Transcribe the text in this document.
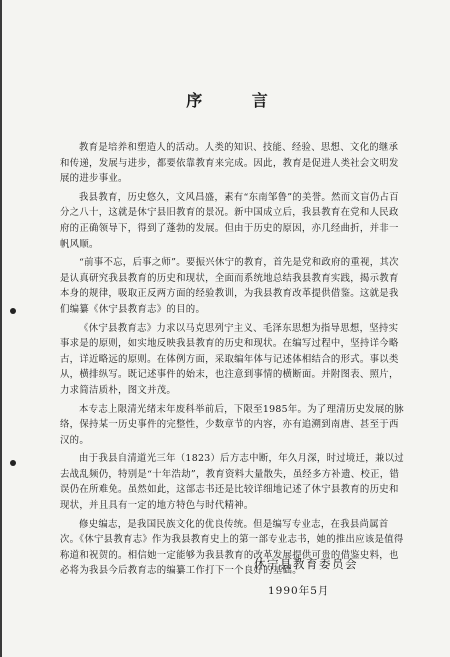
序 言

教育是培养和塑造人的活动。人类的知识、技能、经验、思想、文化的继承和传递，发展与进步，都要依靠教育来完成。因此，教育是促进人类社会文明发展的进步事业。

我县教育，历史悠久，文风昌盛，素有“东南邹鲁”的美誉。然而文盲仍占百分之八十，这就是休宁县旧教育的景况。新中国成立后，我县教育在党和人民政府的正确领导下，得到了蓬勃的发展。但由于历史的原因，亦几经曲折，并非一帆风顺。

“前事不忘，后事之师”。要振兴休宁的教育，首先是党和政府的重视，其次是认真研究我县教育的历史和现状，全面而系统地总结我县教育实践，揭示教育本身的规律，吸取正反两方面的经验教训，为我县教育改革提供借鉴。这就是我们编纂《休宁县教育志》的目的。

《休宁县教育志》力求以马克思列宁主义、毛泽东思想为指导思想，坚持实事求是的原则，如实地反映我县教育的历史和现状。在编写过程中，坚持详今略古，详近略远的原则。在体例方面，采取编年体与记述体相结合的形式。事以类从，横排纵写。既记述事件的始末，也注意到事情的横断面。并附图表、照片，力求简洁质朴，图文并茂。

本专志上限清光绪末年废科举前后，下限至1985年。为了理清历史发展的脉络，保持某一历史事件的完整性，少数章节的内容，亦有追溯到南唐、甚至于西汉的。

由于我县自清道光三年（1823）后方志中断，年久月深，时过境迁，兼以过去战乱频仍，特别是“十年浩劫”，教育资料大量散失，虽经多方补遗、校正，错误仍在所难免。虽然如此，这部志书还是比较详细地记述了休宁县教育的历史和现状，并且具有一定的地方特色与时代精神。

修史编志，是我国民族文化的优良传统。但是编写专业志，在我县尚属首次。《休宁县教育志》作为我县教育史上的第一部专业志书，她的推出应该是值得称道和祝贺的。相信她一定能够为我县教育的改革发展提供可贵的借鉴史料，也必将为我县今后教育志的编纂工作打下一个良好的基础。

休宁县教育委员会
1990年5月
